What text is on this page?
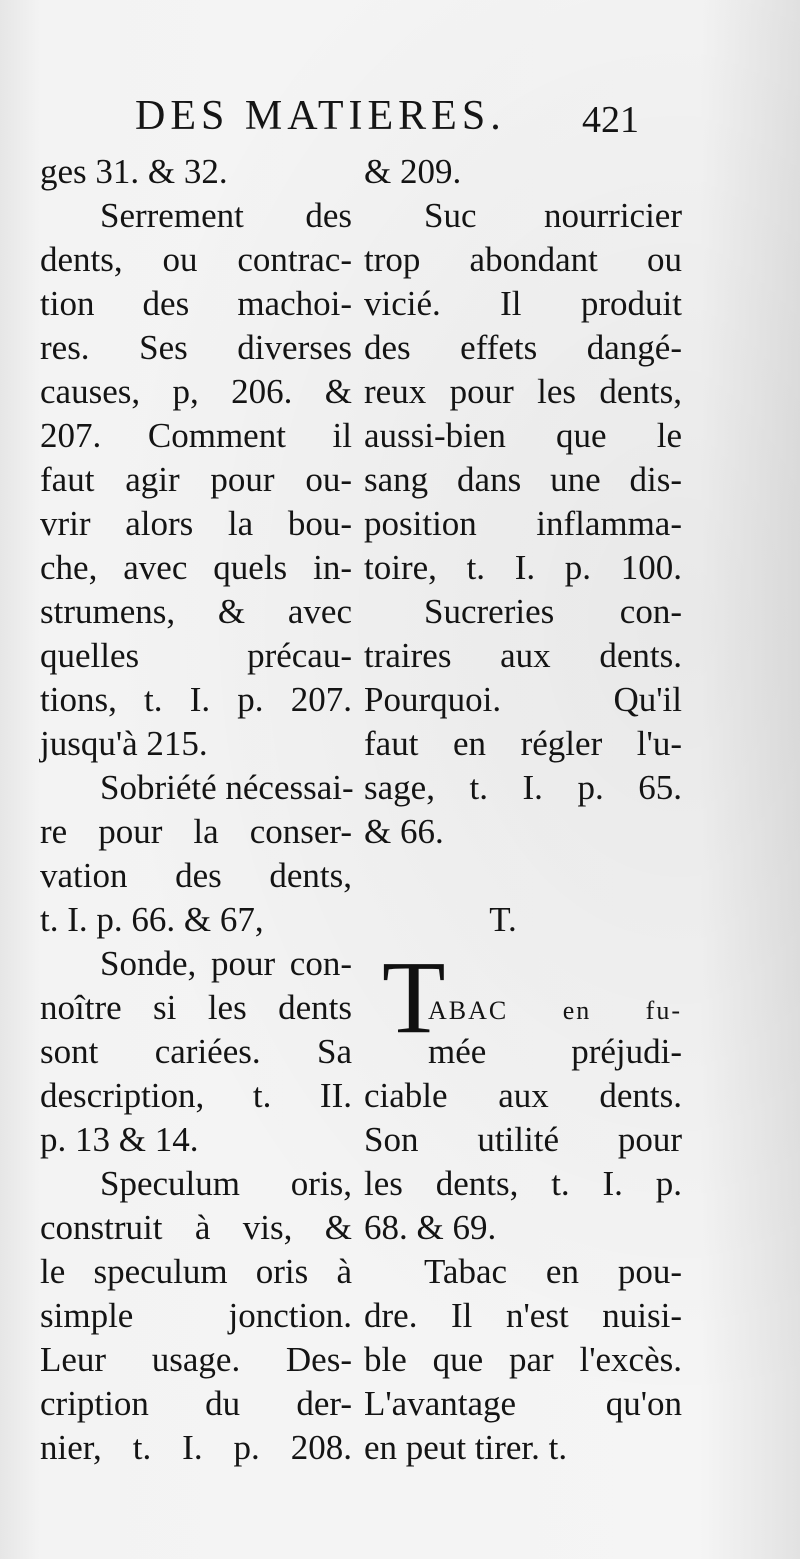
DES MATIERES. 421
ges 31. & 32.
Serrement des
dents, ou contrac-
tion des machoi-
res. Ses diverses
causes, p, 206. &
207. Comment il
faut agir pour ou-
vrir alors la bou-
che, avec quels in-
strumens, & avec
quelles précau-
tions, t. I. p. 207.
jusqu'à 215.
Sobriété nécessai-
re pour la conser-
vation des dents,
t. I. p. 66. & 67,
Sonde, pour con-
noître si les dents
sont cariées. Sa
description, t. II.
p. 13 & 14.
Speculum oris,
construit à vis, &
le speculum oris à
simple jonction.
Leur usage. Des-
cription du der-
nier, t. I. p. 208.
& 209.
Suc nourricier
trop abondant ou
vicié. Il produit
des effets dangé-
reux pour les dents,
aussi-bien que le
sang dans une dis-
position inflamma-
toire, t. I. p. 100.
Sucreries con-
traires aux dents.
Pourquoi. Qu'il
faut en régler l'u-
sage, t. I. p. 65.
& 66.
T.
ABAC en fu-
mée préjudi-
ciable aux dents.
Son utilité pour
les dents, t. I. p.
68. & 69.
Tabac en pou-
dre. Il n'est nuisi-
ble que par l'excès.
L'avantage qu'on
en peut tirer. t.
T
